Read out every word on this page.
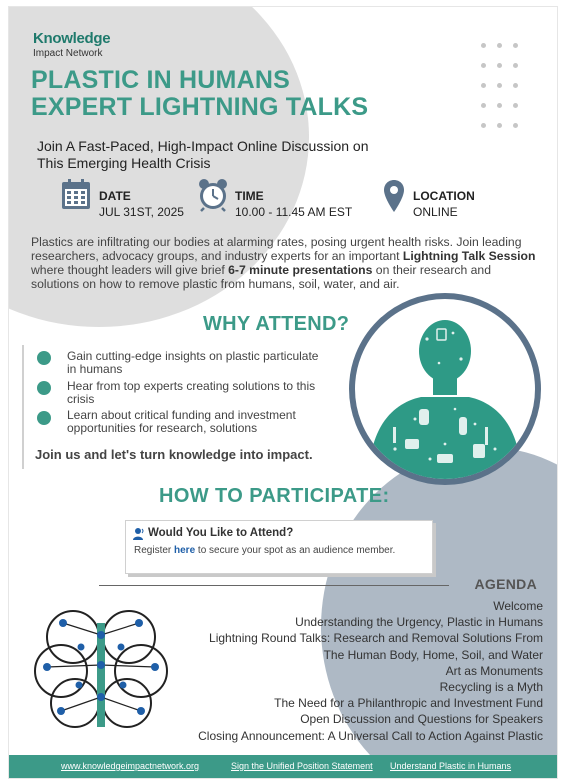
Knowledge
Impact Network
PLASTIC IN HUMANS
EXPERT LIGHTNING TALKS
Join A Fast-Paced, High-Impact Online Discussion on
This Emerging Health Crisis
DATE
JUL 31ST, 2025
TIME
10.00 - 11.45 AM EST
LOCATION
ONLINE
Plastics are infiltrating our bodies at alarming rates, posing urgent health risks. Join leading researchers, advocacy groups, and industry experts for an important Lightning Talk Session where thought leaders will give brief 6-7 minute presentations on their research and solutions on how to remove plastic from humans, soil, water, and air.
WHY ATTEND?
Gain cutting-edge insights on plastic particulate
in humans
Hear from top experts creating solutions to this
crisis
Learn about critical funding and investment
opportunities for research, solutions
Join us and let's turn knowledge into impact.
HOW TO PARTICIPATE:
Would You Like to Attend?
Register here to secure your spot as an audience member.
AGENDA
Welcome
Understanding the Urgency, Plastic in Humans
Lightning Round Talks: Research and Removal Solutions From
The Human Body, Home, Soil, and Water
Art as Monuments
Recycling is a Myth
The Need for a Philanthropic and Investment Fund
Open Discussion and Questions for Speakers
Closing Announcement: A Universal Call to Action Against Plastic
www.knowledgeimpactnetwork.org	Sign the Unified Position Statement Understand Plastic in Humans
